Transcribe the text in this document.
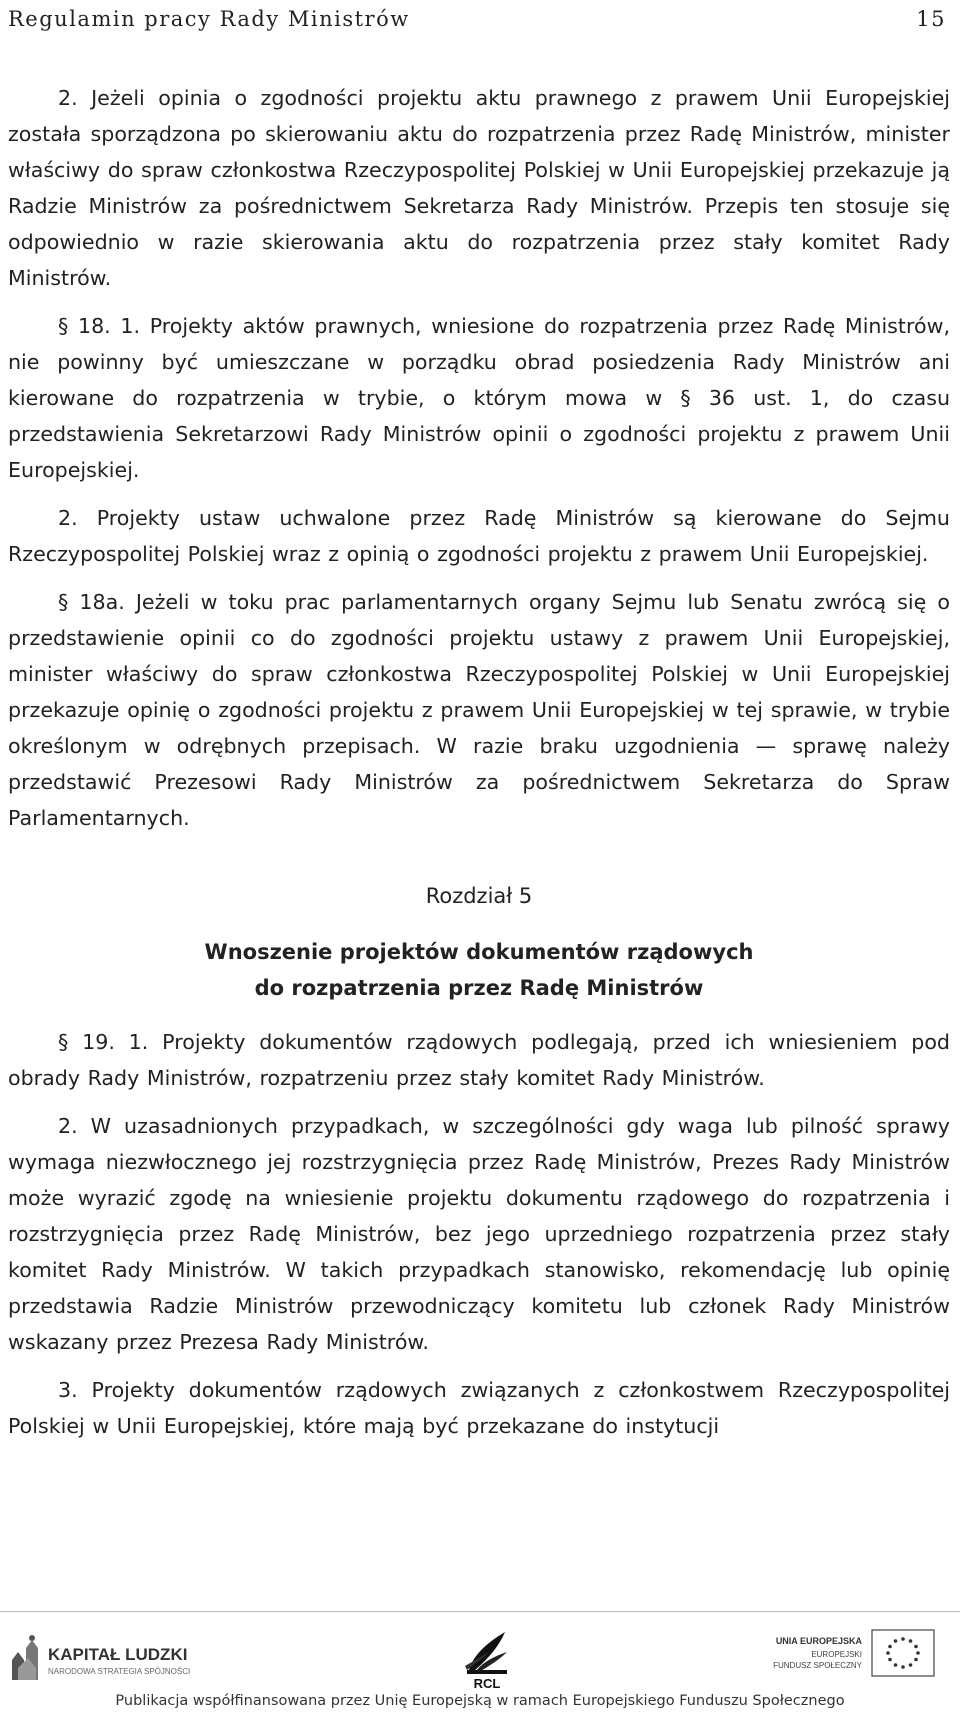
Regulamin pracy Rady Ministrów	15

2. Jeżeli opinia o zgodności projektu aktu prawnego z prawem Unii Europejskiej została sporządzona po skierowaniu aktu do rozpatrzenia przez Radę Ministrów, minister właściwy do spraw członkostwa Rzeczypospolitej Polskiej w Unii Europejskiej przekazuje ją Radzie Ministrów za pośrednictwem Sekretarza Rady Ministrów. Przepis ten stosuje się odpowiednio w razie skierowania aktu do rozpatrzenia przez stały komitet Rady Ministrów.

§ 18. 1. Projekty aktów prawnych, wniesione do rozpatrzenia przez Radę Ministrów, nie powinny być umieszczane w porządku obrad posiedzenia Rady Ministrów ani kierowane do rozpatrzenia w trybie, o którym mowa w § 36 ust. 1, do czasu przedstawienia Sekretarzowi Rady Ministrów opinii o zgodności projektu z prawem Unii Europejskiej.

2. Projekty ustaw uchwalone przez Radę Ministrów są kierowane do Sejmu Rzeczypospolitej Polskiej wraz z opinią o zgodności projektu z prawem Unii Europejskiej.

§ 18a. Jeżeli w toku prac parlamentarnych organy Sejmu lub Senatu zwrócą się o przedstawienie opinii co do zgodności projektu ustawy z prawem Unii Europejskiej, minister właściwy do spraw członkostwa Rzeczypospolitej Polskiej w Unii Europejskiej przekazuje opinię o zgodności projektu z prawem Unii Europejskiej w tej sprawie, w trybie określonym w odrębnych przepisach. W razie braku uzgodnienia — sprawę należy przedstawić Prezesowi Rady Ministrów za pośrednictwem Sekretarza do Spraw Parlamentarnych.

Rozdział 5
Wnoszenie projektów dokumentów rządowych
do rozpatrzenia przez Radę Ministrów

§ 19. 1. Projekty dokumentów rządowych podlegają, przed ich wniesieniem pod obrady Rady Ministrów, rozpatrzeniu przez stały komitet Rady Ministrów.

2. W uzasadnionych przypadkach, w szczególności gdy waga lub pilność sprawy wymaga niezwłocznego jej rozstrzygnięcia przez Radę Ministrów, Prezes Rady Ministrów może wyrazić zgodę na wniesienie projektu dokumentu rządowego do rozpatrzenia i rozstrzygnięcia przez Radę Ministrów, bez jego uprzedniego rozpatrzenia przez stały komitet Rady Ministrów. W takich przypadkach stanowisko, rekomendację lub opinię przedstawia Radzie Ministrów przewodniczący komitetu lub członek Rady Ministrów wskazany przez Prezesa Rady Ministrów.

3. Projekty dokumentów rządowych związanych z członkostwem Rzeczypospolitej Polskiej w Unii Europejskiej, które mają być przekazane do instytucji

KAPITAŁ LUDZKI
NARODOWA STRATEGIA SPÓJNOŚCI
RCL
UNIA EUROPEJSKA
EUROPEJSKI
FUNDUSZ SPOŁECZNY
Publikacja współfinansowana przez Unię Europejską w ramach Europejskiego Funduszu Społecznego
